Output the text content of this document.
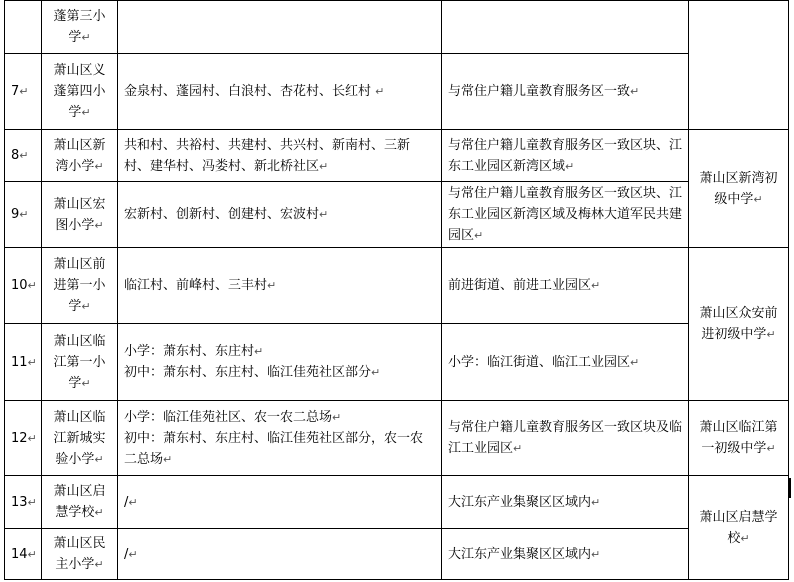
	蓬第三小学↵			
7↵	萧山区义蓬第四小学↵	金泉村、蓬园村、白浪村、杏花村、长红村 ↵	与常住户籍儿童教育服务区一致↵	
8↵	萧山区新湾小学↵	共和村、共裕村、共建村、共兴村、新南村、三新村、建华村、冯娄村、新北桥社区↵	与常住户籍儿童教育服务区一致区块、江东工业园区新湾区域↵	萧山区新湾初级中学↵
9↵	萧山区宏图小学↵	宏新村、创新村、创建村、宏波村↵	与常住户籍儿童教育服务区一致区块、江东工业园区新湾区域及梅林大道军民共建园区↵	
10↵	萧山区前进第一小学↵	临江村、前峰村、三丰村↵	前进街道、前进工业园区↵	萧山区众安前进初级中学↵
11↵	萧山区临江第一小学↵	小学：萧东村、东庄村↵
初中：萧东村、东庄村、临江佳苑社区部分↵	小学：临江街道、临江工业园区↵	
12↵	萧山区临江新城实验小学↵	小学：临江佳苑社区、农一农二总场↵
初中：萧东村、东庄村、临江佳苑社区部分，农一农二总场↵	与常住户籍儿童教育服务区一致区块及临江工业园区↵	萧山区临江第一初级中学↵
13↵	萧山区启慧学校↵	/↵	大江东产业集聚区区域内↵	萧山区启慧学校↵
14↵	萧山区民主小学↵	/↵	大江东产业集聚区区域内↵	
